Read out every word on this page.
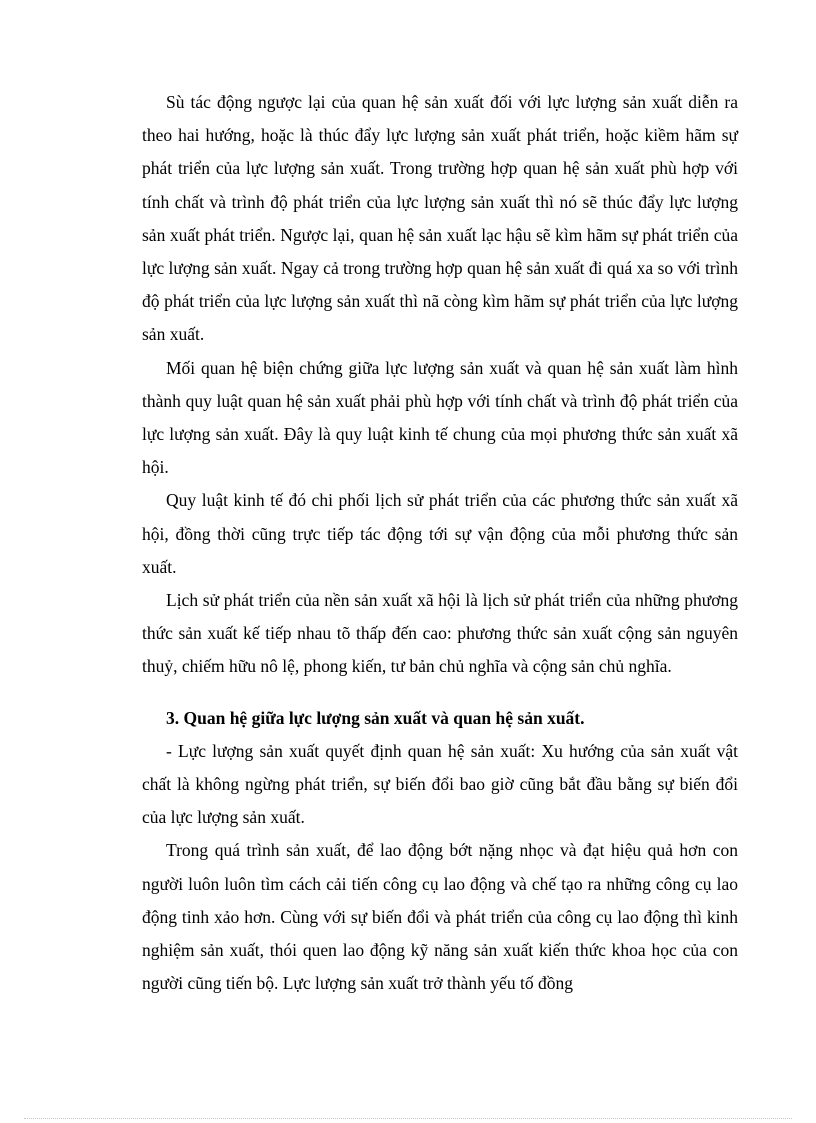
Sù tác động ngược lại của quan hệ sản xuất đối với lực lượng sản xuất diễn ra theo hai hướng, hoặc là thúc đẩy lực lượng sản xuất phát triển, hoặc kiềm hãm sự phát triển của lực lượng sản xuất. Trong trường hợp quan hệ sản xuất phù hợp với tính chất và trình độ phát triển của lực lượng sản xuất thì nó sẽ thúc đẩy lực lượng sản xuất phát triển. Ngược lại, quan hệ sản xuất lạc hậu sẽ kìm hãm sự phát triển của lực lượng sản xuất. Ngay cả trong trường hợp quan hệ sản xuất đi quá xa so với trình độ phát triển của lực lượng sản xuất thì nã còng kìm hãm sự phát triển của lực lượng sản xuất.

Mối quan hệ biện chứng giữa lực lượng sản xuất và quan hệ sản xuất làm hình thành quy luật quan hệ sản xuất phải phù hợp với tính chất và trình độ phát triển của lực lượng sản xuất. Đây là quy luật kinh tế chung của mọi phương thức sản xuất xã hội.

Quy luật kinh tế đó chi phối lịch sử phát triển của các phương thức sản xuất xã hội, đồng thời cũng trực tiếp tác động tới sự vận động của mỗi phương thức sản xuất.

Lịch sử phát triển của nền sản xuất xã hội là lịch sử phát triển của những phương thức sản xuất kế tiếp nhau tõ thấp đến cao: phương thức sản xuất cộng sản nguyên thuỷ, chiếm hữu nô lệ, phong kiến, tư bản chủ nghĩa và cộng sản chủ nghĩa.

3. Quan hệ giữa lực lượng sản xuất và quan hệ sản xuất.

- Lực lượng sản xuất quyết định quan hệ sản xuất: Xu hướng của sản xuất vật chất là không ngừng phát triển, sự biến đổi bao giờ cũng bắt đầu bằng sự biến đổi của lực lượng sản xuất.

Trong quá trình sản xuất, để lao động bớt nặng nhọc và đạt hiệu quả hơn con người luôn luôn tìm cách cải tiến công cụ lao động và chế tạo ra những công cụ lao động tinh xảo hơn. Cùng với sự biến đổi và phát triển của công cụ lao động thì kinh nghiệm sản xuất, thói quen lao động kỹ năng sản xuất kiến thức khoa học của con người cũng tiến bộ. Lực lượng sản xuất trở thành yếu tố đồng
